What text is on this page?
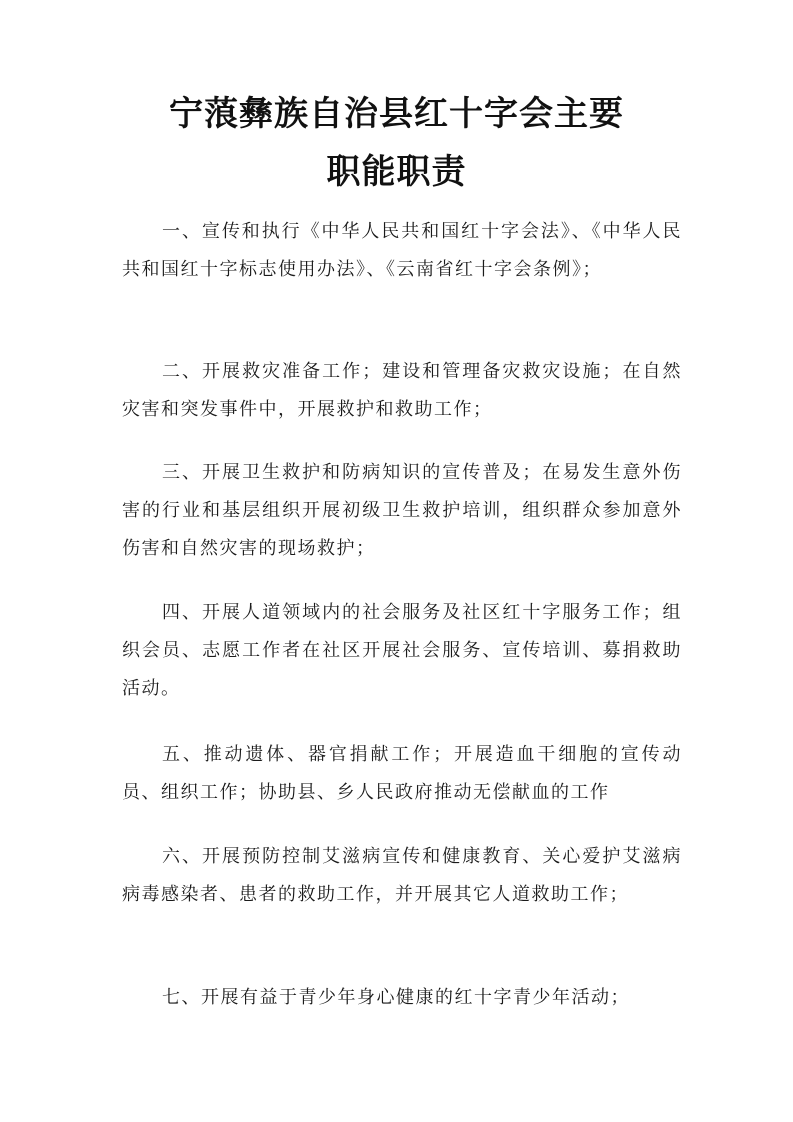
宁蒗彝族自治县红十字会主要
职能职责

一、宣传和执行《中华人民共和国红十字会法》、《中华人民共和国红十字标志使用办法》、《云南省红十字会条例》；

二、开展救灾准备工作；建设和管理备灾救灾设施；在自然灾害和突发事件中，开展救护和救助工作；

三、开展卫生救护和防病知识的宣传普及；在易发生意外伤害的行业和基层组织开展初级卫生救护培训，组织群众参加意外伤害和自然灾害的现场救护；

四、开展人道领域内的社会服务及社区红十字服务工作；组织会员、志愿工作者在社区开展社会服务、宣传培训、募捐救助活动。

五、推动遗体、器官捐献工作；开展造血干细胞的宣传动员、组织工作；协助县、乡人民政府推动无偿献血的工作

六、开展预防控制艾滋病宣传和健康教育、关心爱护艾滋病病毒感染者、患者的救助工作，并开展其它人道救助工作；

七、开展有益于青少年身心健康的红十字青少年活动；
